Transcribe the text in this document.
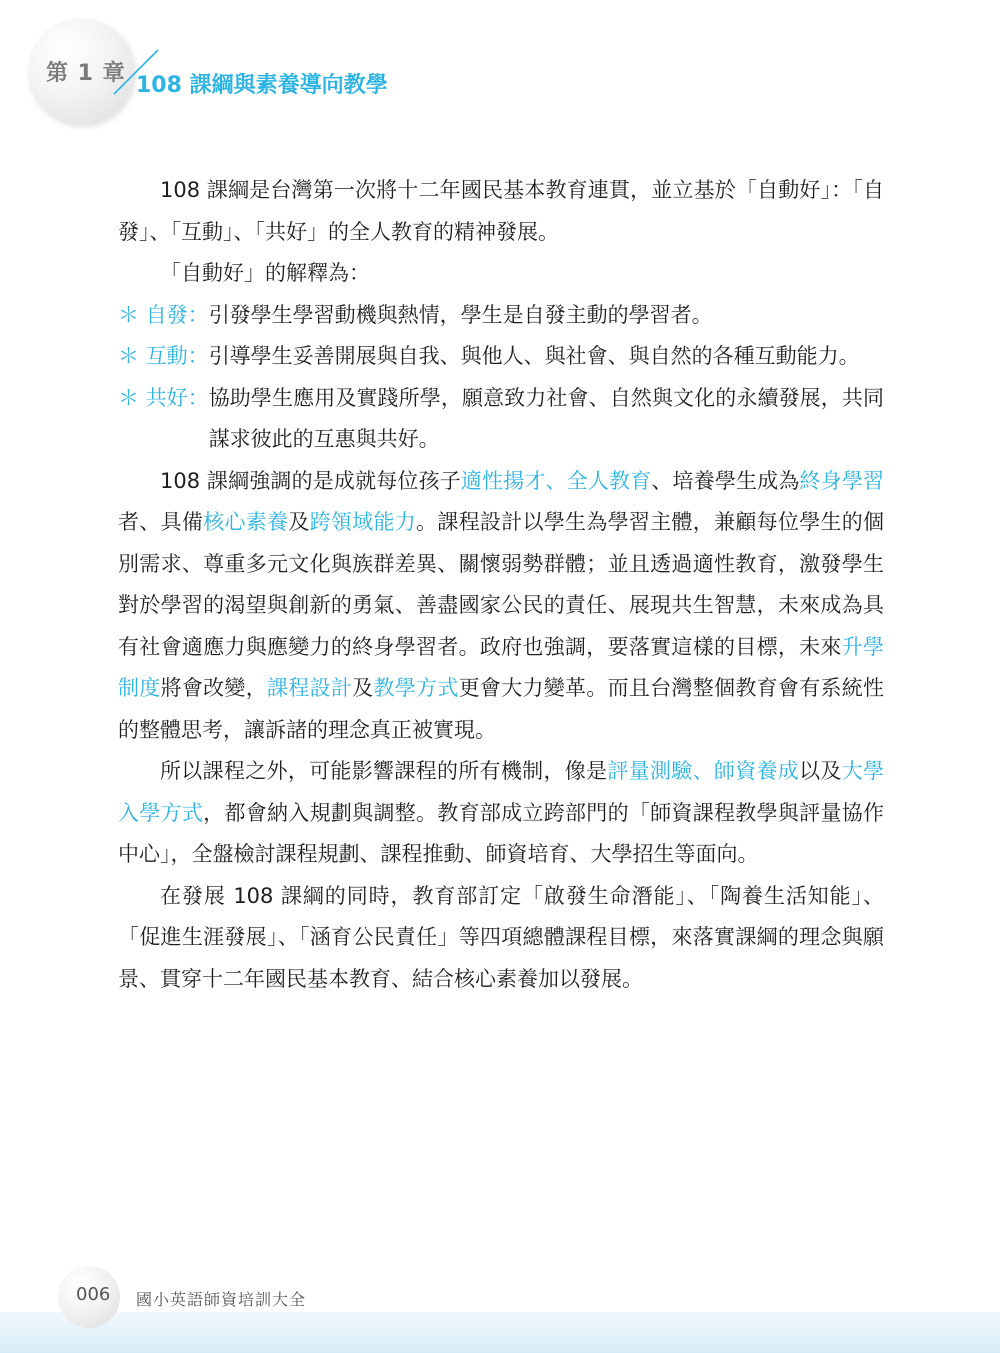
第 1 章 108 課綱與素養導向教學

108 課綱是台灣第一次將十二年國民基本教育連貫，並立基於「自動好」：「自發」、「互動」、「共好」的全人教育的精神發展。

「自動好」的解釋為：

＊ 自發： 引發學生學習動機與熱情，學生是自發主動的學習者。
＊ 互動： 引導學生妥善開展與自我、與他人、與社會、與自然的各種互動能力。
＊ 共好： 協助學生應用及實踐所學，願意致力社會、自然與文化的永續發展，共同謀求彼此的互惠與共好。

108 課綱強調的是成就每位孩子適性揚才、全人教育、培養學生成為終身學習者、具備核心素養及跨領域能力。課程設計以學生為學習主體，兼顧每位學生的個別需求、尊重多元文化與族群差異、關懷弱勢群體；並且透過適性教育，激發學生對於學習的渴望與創新的勇氣、善盡國家公民的責任、展現共生智慧，未來成為具有社會適應力與應變力的終身學習者。政府也強調，要落實這樣的目標，未來升學制度將會改變，課程設計及教學方式更會大力變革。而且台灣整個教育會有系統性的整體思考，讓訴諸的理念真正被實現。

所以課程之外，可能影響課程的所有機制，像是評量測驗、師資養成以及大學入學方式，都會納入規劃與調整。教育部成立跨部門的「師資課程教學與評量協作中心」，全盤檢討課程規劃、課程推動、師資培育、大學招生等面向。

在發展 108 課綱的同時，教育部訂定「啟發生命潛能」、「陶養生活知能」、「促進生涯發展」、「涵育公民責任」等四項總體課程目標，來落實課綱的理念與願景、貫穿十二年國民基本教育、結合核心素養加以發展。

006 國小英語師資培訓大全
